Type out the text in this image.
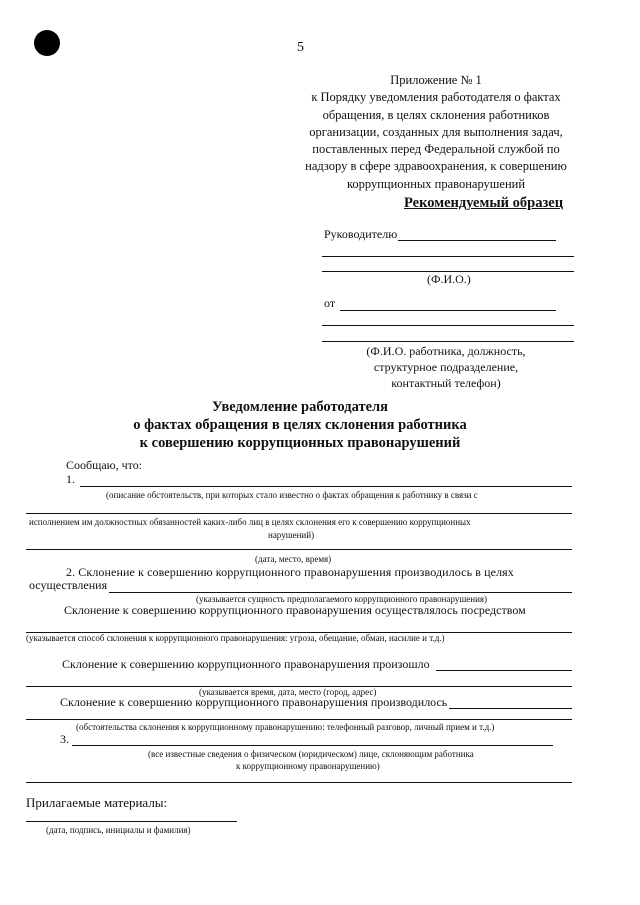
5
Приложение № 1
к Порядку уведомления работодателя о фактах
обращения, в целях склонения работников
организации, созданных для выполнения задач,
поставленных перед Федеральной службой по
надзору в сфере здравоохранения, к совершению
коррупционных правонарушений
Рекомендуемый образец
Руководителю
(Ф.И.О.)
от
(Ф.И.О. работника, должность,
структурное подразделение,
контактный телефон)
Уведомление работодателя
о фактах обращения в целях склонения работника
к совершению коррупционных правонарушений
Сообщаю, что:
1.
(описание обстоятельств, при которых стало известно о фактах обращения к работнику в связи с
исполнением им должностных обязанностей каких-либо лиц в целях склонения его к совершению коррупционных
нарушений)
(дата, место, время)
2. Склонение к совершению коррупционного правонарушения производилось в целях
осуществления
(указывается сущность предполагаемого коррупционного правонарушения)
Склонение к совершению коррупционного правонарушения осуществлялось посредством
(указывается способ склонения к коррупционного правонарушения: угроза, обещание, обман, насилие и т.д.)
Склонение к совершению коррупционного правонарушения произошло
(указывается время, дата, место (город, адрес)
Склонение к совершению коррупционного правонарушения производилось
(обстоятельства склонения к коррупционному правонарушению: телефонный разговор, личный прием и т.д.)
3.
(все известные сведения о физическом (юридическом) лице, склоняющим работника
к коррупционному правонарушению)
Прилагаемые материалы:
(дата, подпись, инициалы и фамилия)
